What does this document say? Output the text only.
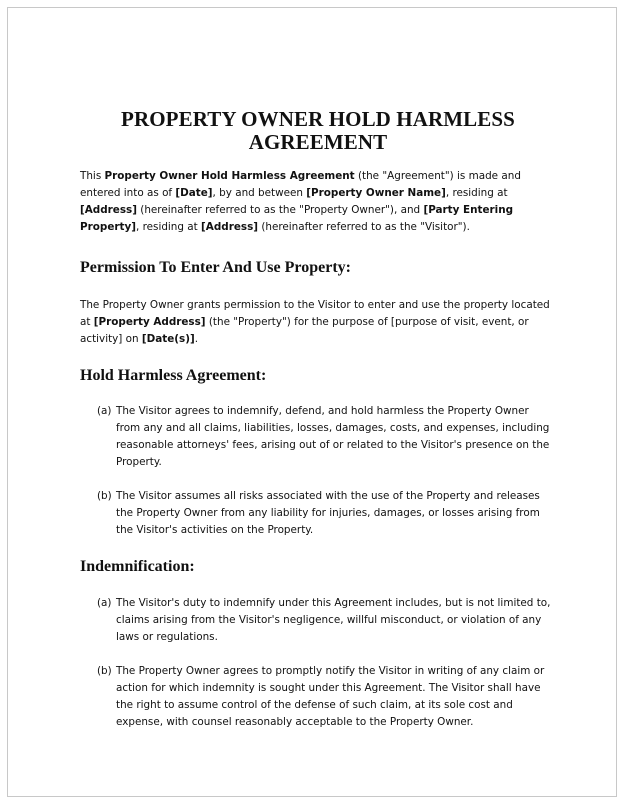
PROPERTY OWNER HOLD HARMLESS
AGREEMENT

This Property Owner Hold Harmless Agreement (the "Agreement") is made and entered into as of [Date], by and between [Property Owner Name], residing at [Address] (hereinafter referred to as the "Property Owner"), and [Party Entering Property], residing at [Address] (hereinafter referred to as the "Visitor").

Permission To Enter And Use Property:

The Property Owner grants permission to the Visitor to enter and use the property located at [Property Address] (the "Property") for the purpose of [purpose of visit, event, or activity] on [Date(s)].

Hold Harmless Agreement:
(a) The Visitor agrees to indemnify, defend, and hold harmless the Property Owner from any and all claims, liabilities, losses, damages, costs, and expenses, including reasonable attorneys' fees, arising out of or related to the Visitor's presence on the Property.
(b) The Visitor assumes all risks associated with the use of the Property and releases the Property Owner from any liability for injuries, damages, or losses arising from the Visitor's activities on the Property.
Indemnification:
(a) The Visitor's duty to indemnify under this Agreement includes, but is not limited to, claims arising from the Visitor's negligence, willful misconduct, or violation of any laws or regulations.
(b) The Property Owner agrees to promptly notify the Visitor in writing of any claim or action for which indemnity is sought under this Agreement. The Visitor shall have the right to assume control of the defense of such claim, at its sole cost and expense, with counsel reasonably acceptable to the Property Owner.
